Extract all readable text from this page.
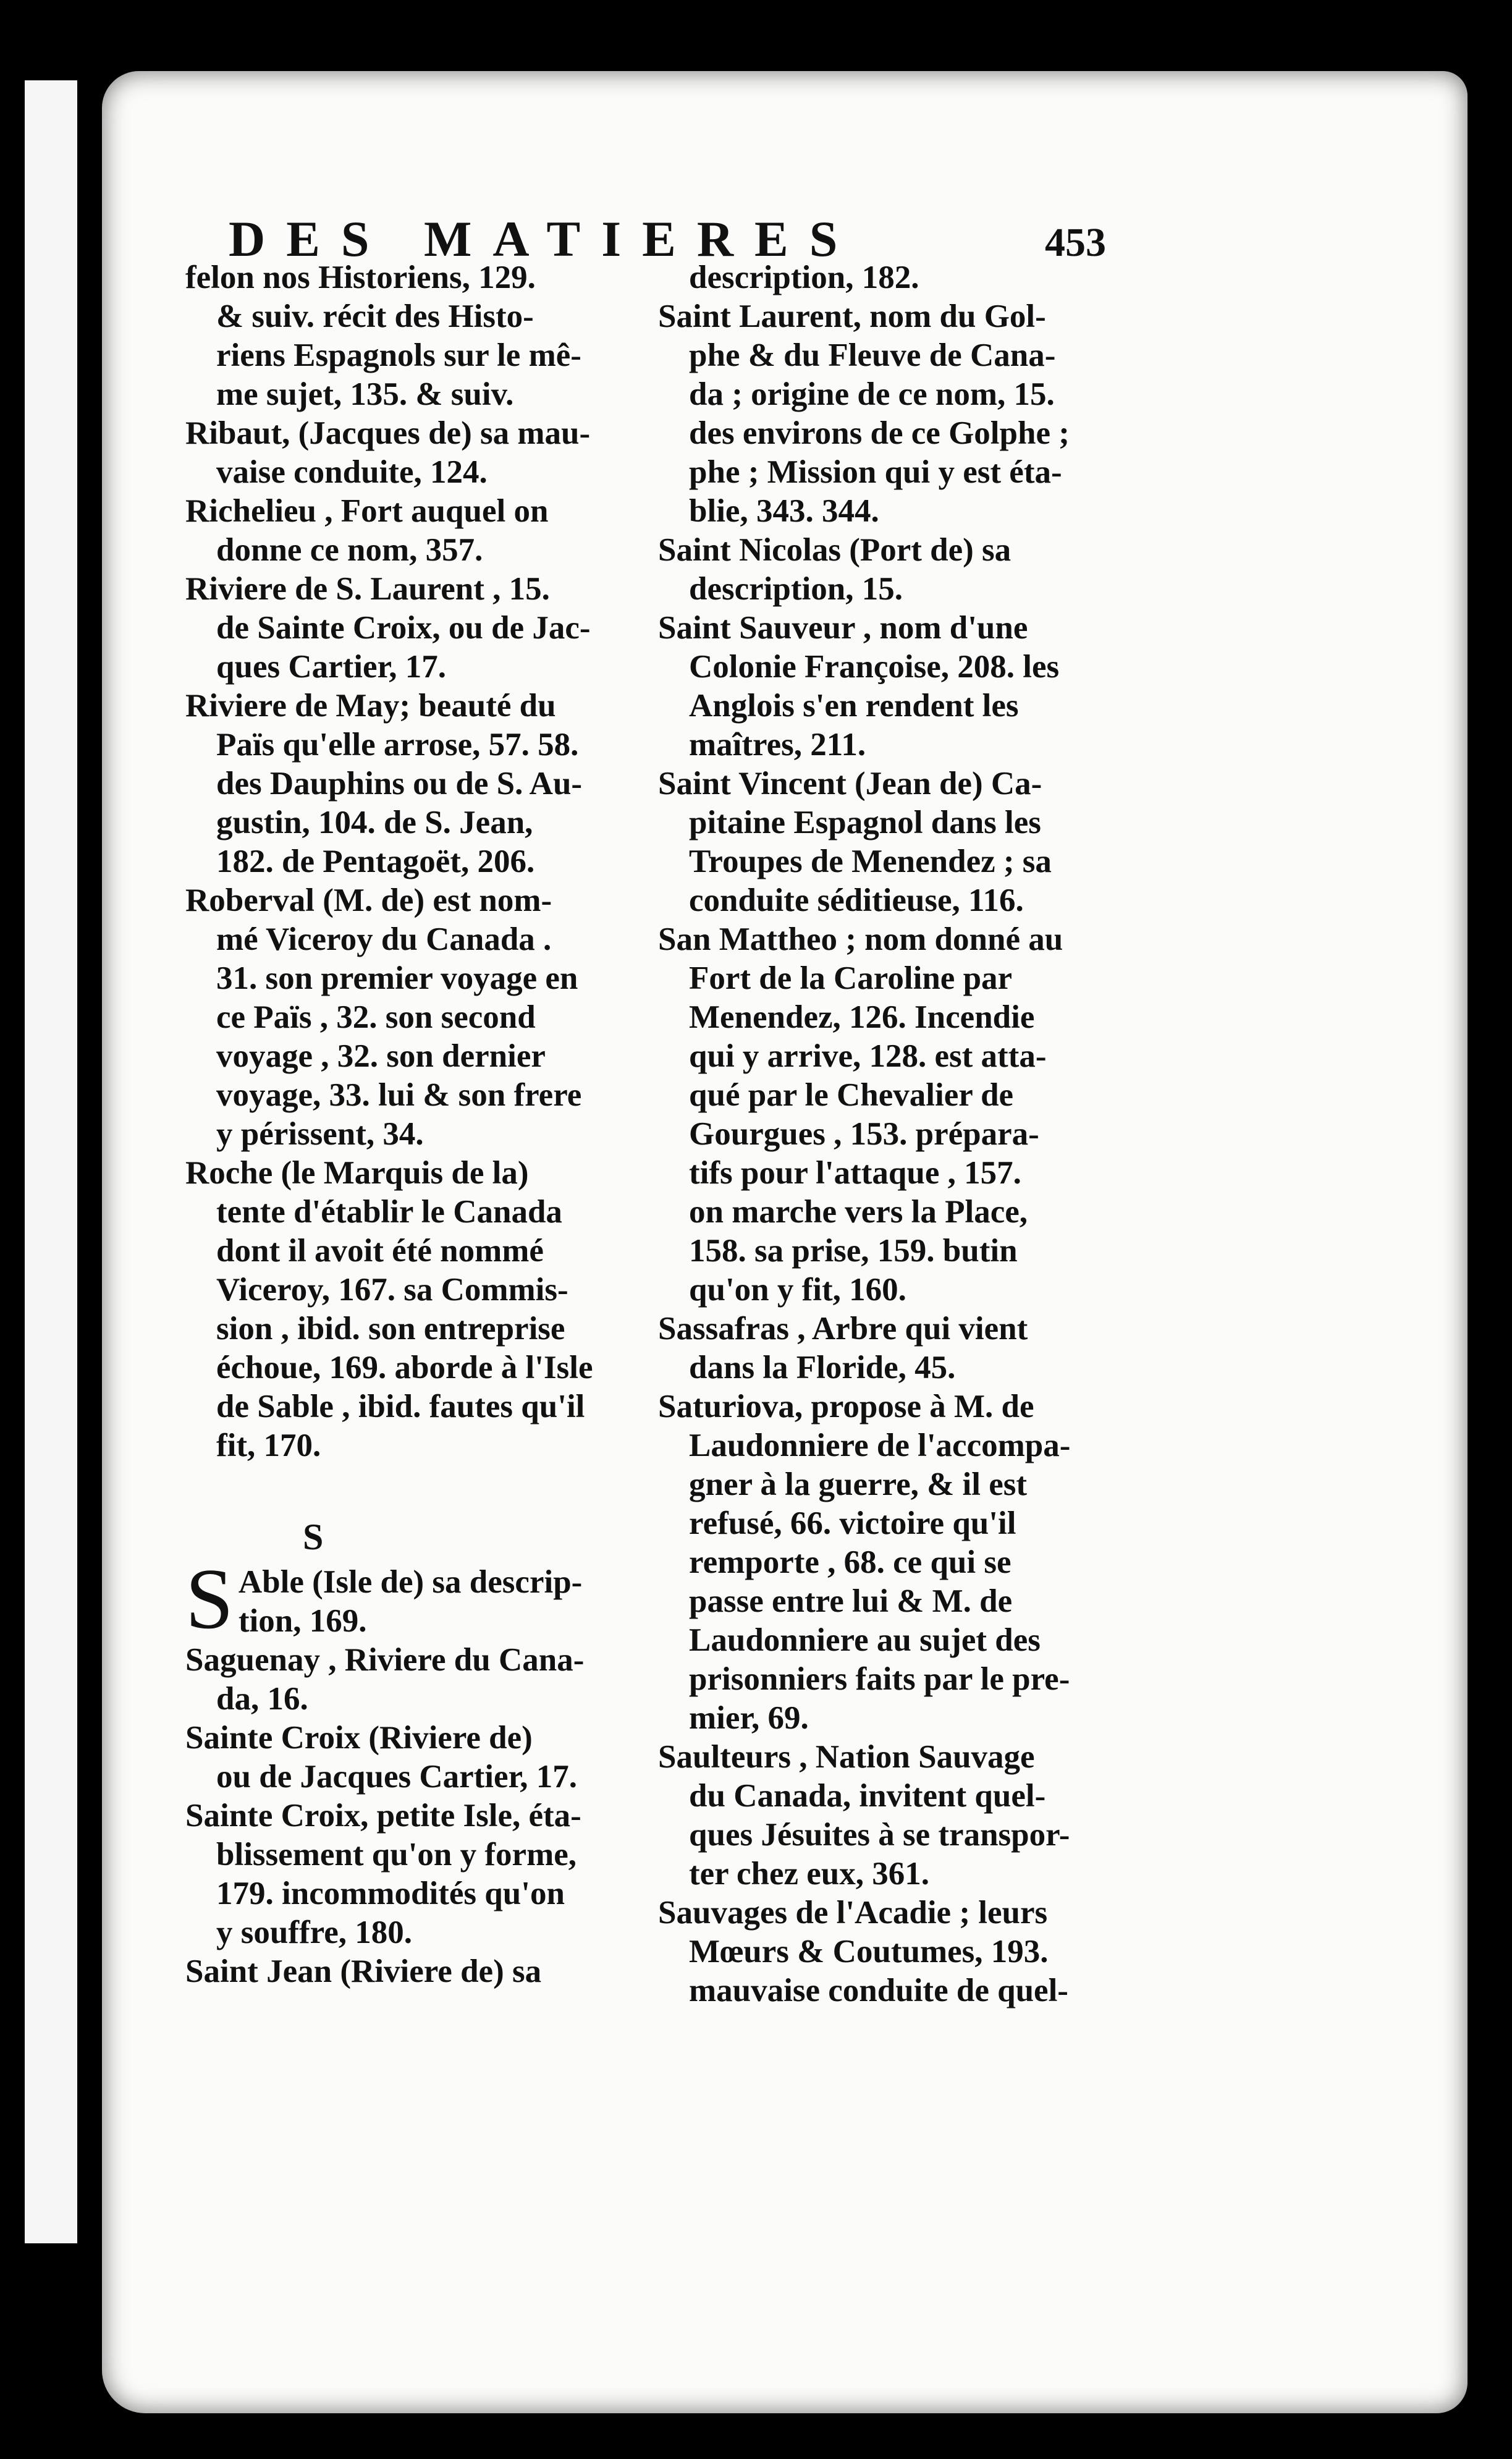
DES MATIERES	453
felon nos Historiens, 129.
& suiv. récit des Histo-
riens Espagnols sur le mê-
me sujet, 135. & suiv.
Ribaut, (Jacques de) sa mau-
vaise conduite, 124.
Richelieu , Fort auquel on
donne ce nom, 357.
Riviere de S. Laurent , 15.
de Sainte Croix, ou de Jac-
ques Cartier, 17.
Riviere de May; beauté du
Païs qu'elle arrose, 57. 58.
des Dauphins ou de S. Au-
gustin, 104. de S. Jean,
182. de Pentagoët, 206.
Roberval (M. de) est nom-
mé Viceroy du Canada .
31. son premier voyage en
ce Païs , 32. son second
voyage , 32. son dernier
voyage, 33. lui & son frere
y périssent, 34.
Roche (le Marquis de la)
tente d'établir le Canada
dont il avoit été nommé
Viceroy, 167. sa Commis-
sion , ibid. son entreprise
échoue, 169. aborde à l'Isle
de Sable , ibid. fautes qu'il
fit, 170.
S
S Able (Isle de) sa descrip-
tion, 169.
Saguenay , Riviere du Cana-
da, 16.
Sainte Croix (Riviere de)
ou de Jacques Cartier, 17.
Sainte Croix, petite Isle, éta-
blissement qu'on y forme,
179. incommodités qu'on
y souffre, 180.
Saint Jean (Riviere de) sa
description, 182.
Saint Laurent, nom du Gol-
phe & du Fleuve de Cana-
da ; origine de ce nom, 15.
des environs de ce Golphe ;
phe ; Mission qui y est éta-
blie, 343. 344.
Saint Nicolas (Port de) sa
description, 15.
Saint Sauveur , nom d'une
Colonie Françoise, 208. les
Anglois s'en rendent les
maîtres, 211.
Saint Vincent (Jean de) Ca-
pitaine Espagnol dans les
Troupes de Menendez ; sa
conduite séditieuse, 116.
San Mattheo ; nom donné au
Fort de la Caroline par
Menendez, 126. Incendie
qui y arrive, 128. est atta-
qué par le Chevalier de
Gourgues , 153. prépara-
tifs pour l'attaque , 157.
on marche vers la Place,
158. sa prise, 159. butin
qu'on y fit, 160.
Sassafras , Arbre qui vient
dans la Floride, 45.
Saturiova, propose à M. de
Laudonniere de l'accompa-
gner à la guerre, & il est
refusé, 66. victoire qu'il
remporte , 68. ce qui se
passe entre lui & M. de
Laudonniere au sujet des
prisonniers faits par le pre-
mier, 69.
Saulteurs , Nation Sauvage
du Canada, invitent quel-
ques Jésuites à se transpor-
ter chez eux, 361.
Sauvages de l'Acadie ; leurs
Mœurs & Coutumes, 193.
mauvaise conduite de quel-
